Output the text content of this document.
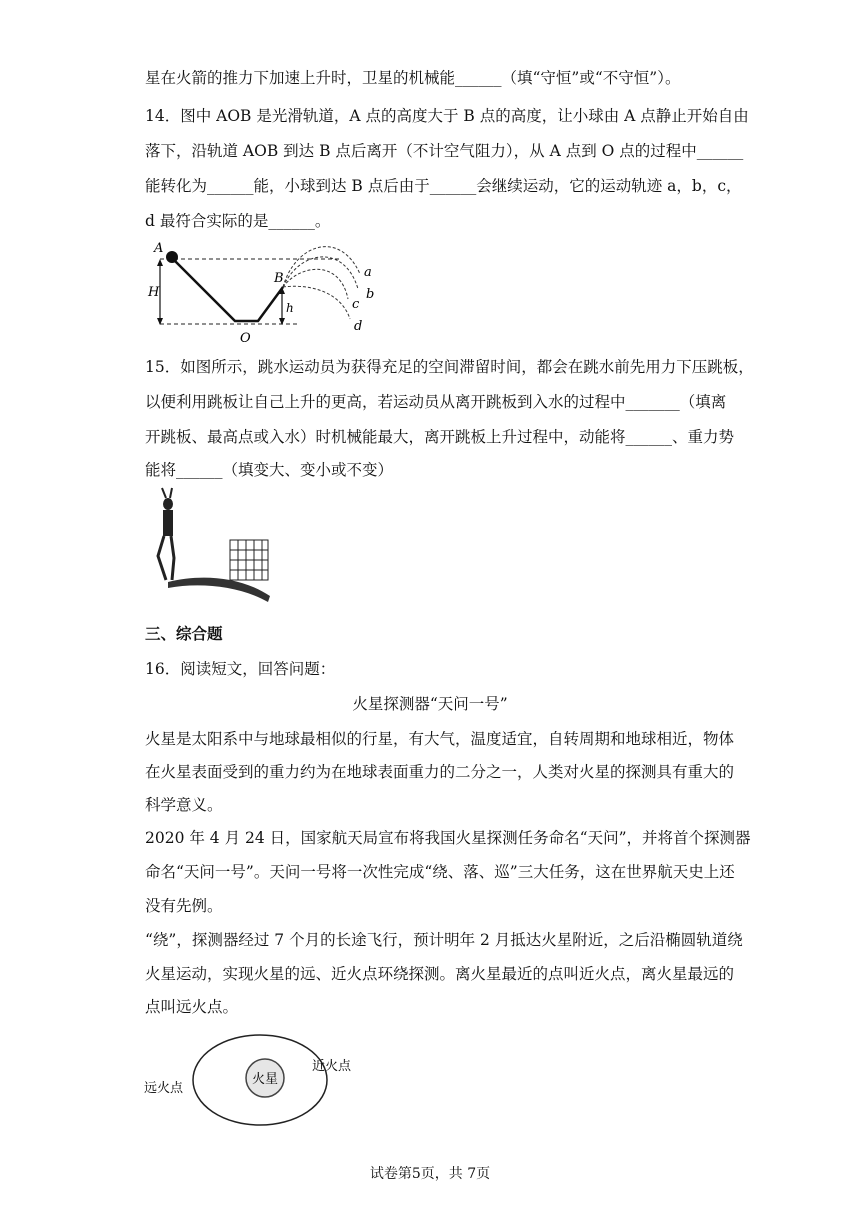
星在火箭的推力下加速上升时，卫星的机械能______（填“守恒”或“不守恒”）。
14．图中 AOB 是光滑轨道，A 点的高度大于 B 点的高度，让小球由 A 点静止开始自由
落下，沿轨道 AOB 到达 B 点后离开（不计空气阻力），从 A 点到 O 点的过程中______
能转化为______能，小球到达 B 点后由于______会继续运动，它的运动轨迹 a，b，c，
d 最符合实际的是______。
A
H
B
h
O
a
b
c
d
15．如图所示，跳水运动员为获得充足的空间滞留时间，都会在跳水前先用力下压跳板，
以便利用跳板让自己上升的更高，若运动员从离开跳板到入水的过程中_______（填离
开跳板、最高点或入水）时机械能最大，离开跳板上升过程中，动能将______、重力势
能将______（填变大、变小或不变）
三、综合题
16．阅读短文，回答问题：
火星探测器“天问一号”
火星是太阳系中与地球最相似的行星，有大气，温度适宜，自转周期和地球相近，物体
在火星表面受到的重力约为在地球表面重力的二分之一，人类对火星的探测具有重大的
科学意义。
2020 年 4 月 24 日，国家航天局宣布将我国火星探测任务命名“天问”，并将首个探测器
命名“天问一号”。天问一号将一次性完成“绕、落、巡”三大任务，这在世界航天史上还
没有先例。
“绕”，探测器经过 7 个月的长途飞行，预计明年 2 月抵达火星附近，之后沿椭圆轨道绕
火星运动，实现火星的远、近火点环绕探测。离火星最近的点叫近火点，离火星最远的
点叫远火点。
火星
近火点
远火点
试卷第5页，共 7页
